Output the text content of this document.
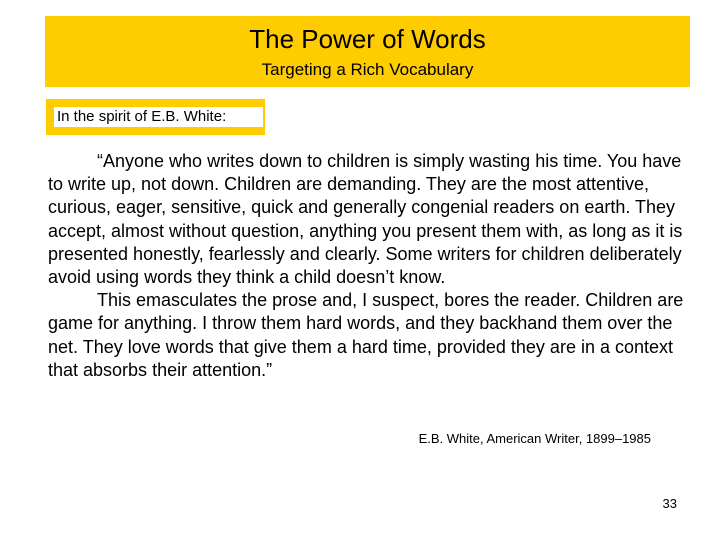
The Power of Words
Targeting a Rich Vocabulary
In the spirit of E.B. White:

“Anyone who writes down to children is simply wasting his time. You have to write up, not down. Children are demanding. They are the most attentive, curious, eager, sensitive, quick and generally congenial readers on earth. They accept, almost without question, anything you present them with, as long as it is presented honestly, fearlessly and clearly. Some writers for children deliberately avoid using words they think a child doesn’t know.

This emasculates the prose and, I suspect, bores the reader. Children are game for anything. I throw them hard words, and they backhand them over the net. They love words that give them a hard time, provided they are in a context that absorbs their attention.”

E.B. White, American Writer, 1899–1985
33
